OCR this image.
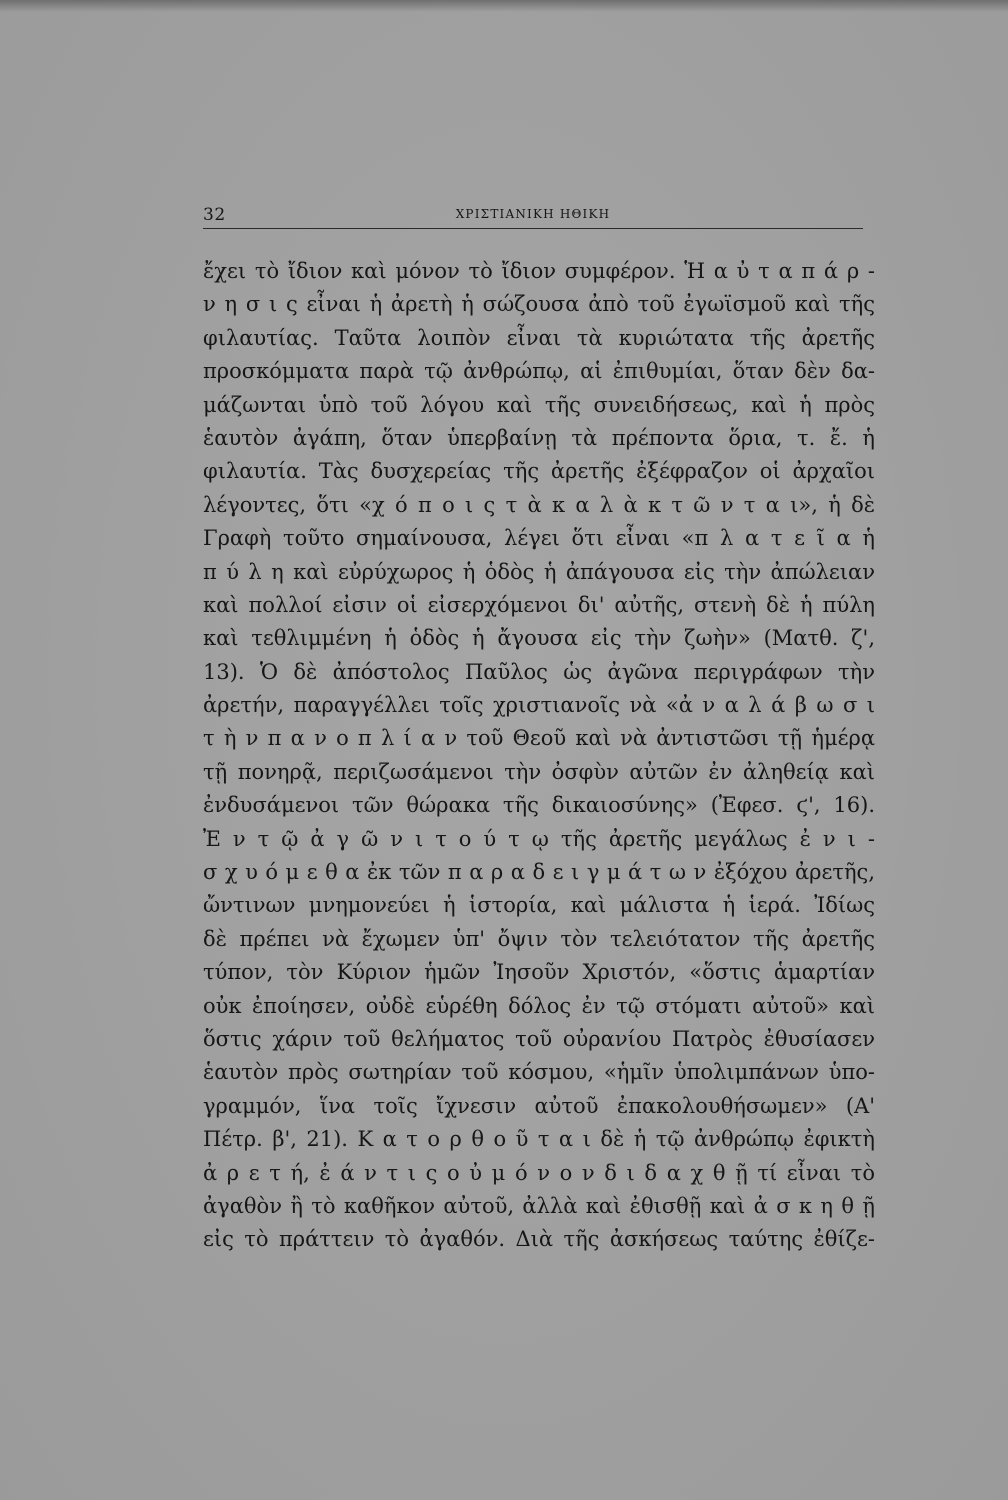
32	ΧΡΙΣΤΙΑΝΙΚΗ ΗΘΙΚΗ
ἔχει τὸ ἴδιον καὶ μόνον τὸ ἴδιον συμφέρον. Ἡ α ὐ τ α π ά ρ -
ν η σ ι ς εἶναι ἡ ἀρετὴ ἡ σώζουσα ἀπὸ τοῦ ἐγωϊσμοῦ καὶ τῆς
φιλαυτίας. Ταῦτα λοιπὸν εἶναι τὰ κυριώτατα τῆς ἀρετῆς
προσκόμματα παρὰ τῷ ἀνθρώπῳ, αἱ ἐπιθυμίαι, ὅταν δὲν δα-
μάζωνται ὑπὸ τοῦ λόγου καὶ τῆς συνειδήσεως, καὶ ἡ πρὸς
ἑαυτὸν ἀγάπη, ὅταν ὑπερβαίνῃ τὰ πρέποντα ὅρια, τ. ἔ. ἡ
φιλαυτία. Τὰς δυσχερείας τῆς ἀρετῆς ἐξέφραζον οἱ ἀρχαῖοι
λέγοντες, ὅτι «χ ό π ο ι ς τ ὰ κ α λ ὰ κ τ ῶ ν τ α ι», ἡ δὲ
Γραφὴ τοῦτο σημαίνουσα, λέγει ὅτι εἶναι «π λ α τ ε ῖ α ἡ
π ύ λ η καὶ εὐρύχωρος ἡ ὁδὸς ἡ ἀπάγουσα εἰς τὴν ἀπώλειαν
καὶ πολλοί εἰσιν οἱ εἰσερχόμενοι δι' αὐτῆς, στενὴ δὲ ἡ πύλη
καὶ τεθλιμμένη ἡ ὁδὸς ἡ ἄγουσα εἰς τὴν ζωὴν» (Ματθ. ζ',
13). Ὁ δὲ ἀπόστολος Παῦλος ὡς ἀγῶνα περιγράφων τὴν
ἀρετήν, παραγγέλλει τοῖς χριστιανοῖς νὰ «ἀ ν α λ ά β ω σ ι
τ ὴ ν π α ν ο π λ ί α ν τοῦ Θεοῦ καὶ νὰ ἀντιστῶσι τῇ ἡμέρᾳ
τῇ πονηρᾷ, περιζωσάμενοι τὴν ὀσφὺν αὐτῶν ἐν ἀληθείᾳ καὶ
ἐνδυσάμενοι τῶν θώρακα τῆς δικαιοσύνης» (Ἐφεσ. ϛ', 16).
Ἐ ν τ ῷ ἀ γ ῶ ν ι τ ο ύ τ ῳ τῆς ἀρετῆς μεγάλως ἐ ν ι -
σ χ υ ό μ ε θ α ἐκ τῶν π α ρ α δ ε ι γ μ ά τ ω ν ἐξόχου ἀρετῆς,
ὤντινων μνημονεύει ἡ ἱστορία, καὶ μάλιστα ἡ ἱερά. Ἰδίως
δὲ πρέπει νὰ ἔχωμεν ὑπ' ὄψιν τὸν τελειότατον τῆς ἀρετῆς
τύπον, τὸν Κύριον ἡμῶν Ἰησοῦν Χριστόν, «ὅστις ἁμαρτίαν
οὐκ ἐποίησεν, οὐδὲ εὑρέθη δόλος ἐν τῷ στόματι αὐτοῦ» καὶ
ὅστις χάριν τοῦ θελήματος τοῦ οὐρανίου Πατρὸς ἐθυσίασεν
ἑαυτὸν πρὸς σωτηρίαν τοῦ κόσμου, «ἡμῖν ὑπολιμπάνων ὑπο-
γραμμόν, ἵνα τοῖς ἴχνεσιν αὐτοῦ ἐπακολουθήσωμεν» (Α'
Πέτρ. β', 21). Κ α τ ο ρ θ ο ῦ τ α ι δὲ ἡ τῷ ἀνθρώπῳ ἐφικτὴ
ἀ ρ ε τ ή, ἐ ά ν τ ι ς ο ὐ μ ό ν ο ν δ ι δ α χ θ ῇ τί εἶναι τὸ
ἀγαθὸν ἢ τὸ καθῆκον αὐτοῦ, ἀλλὰ καὶ ἐθισθῇ καὶ ἀ σ κ η θ ῇ
εἰς τὸ πράττειν τὸ ἀγαθόν. Διὰ τῆς ἀσκήσεως ταύτης ἐθίζε-
